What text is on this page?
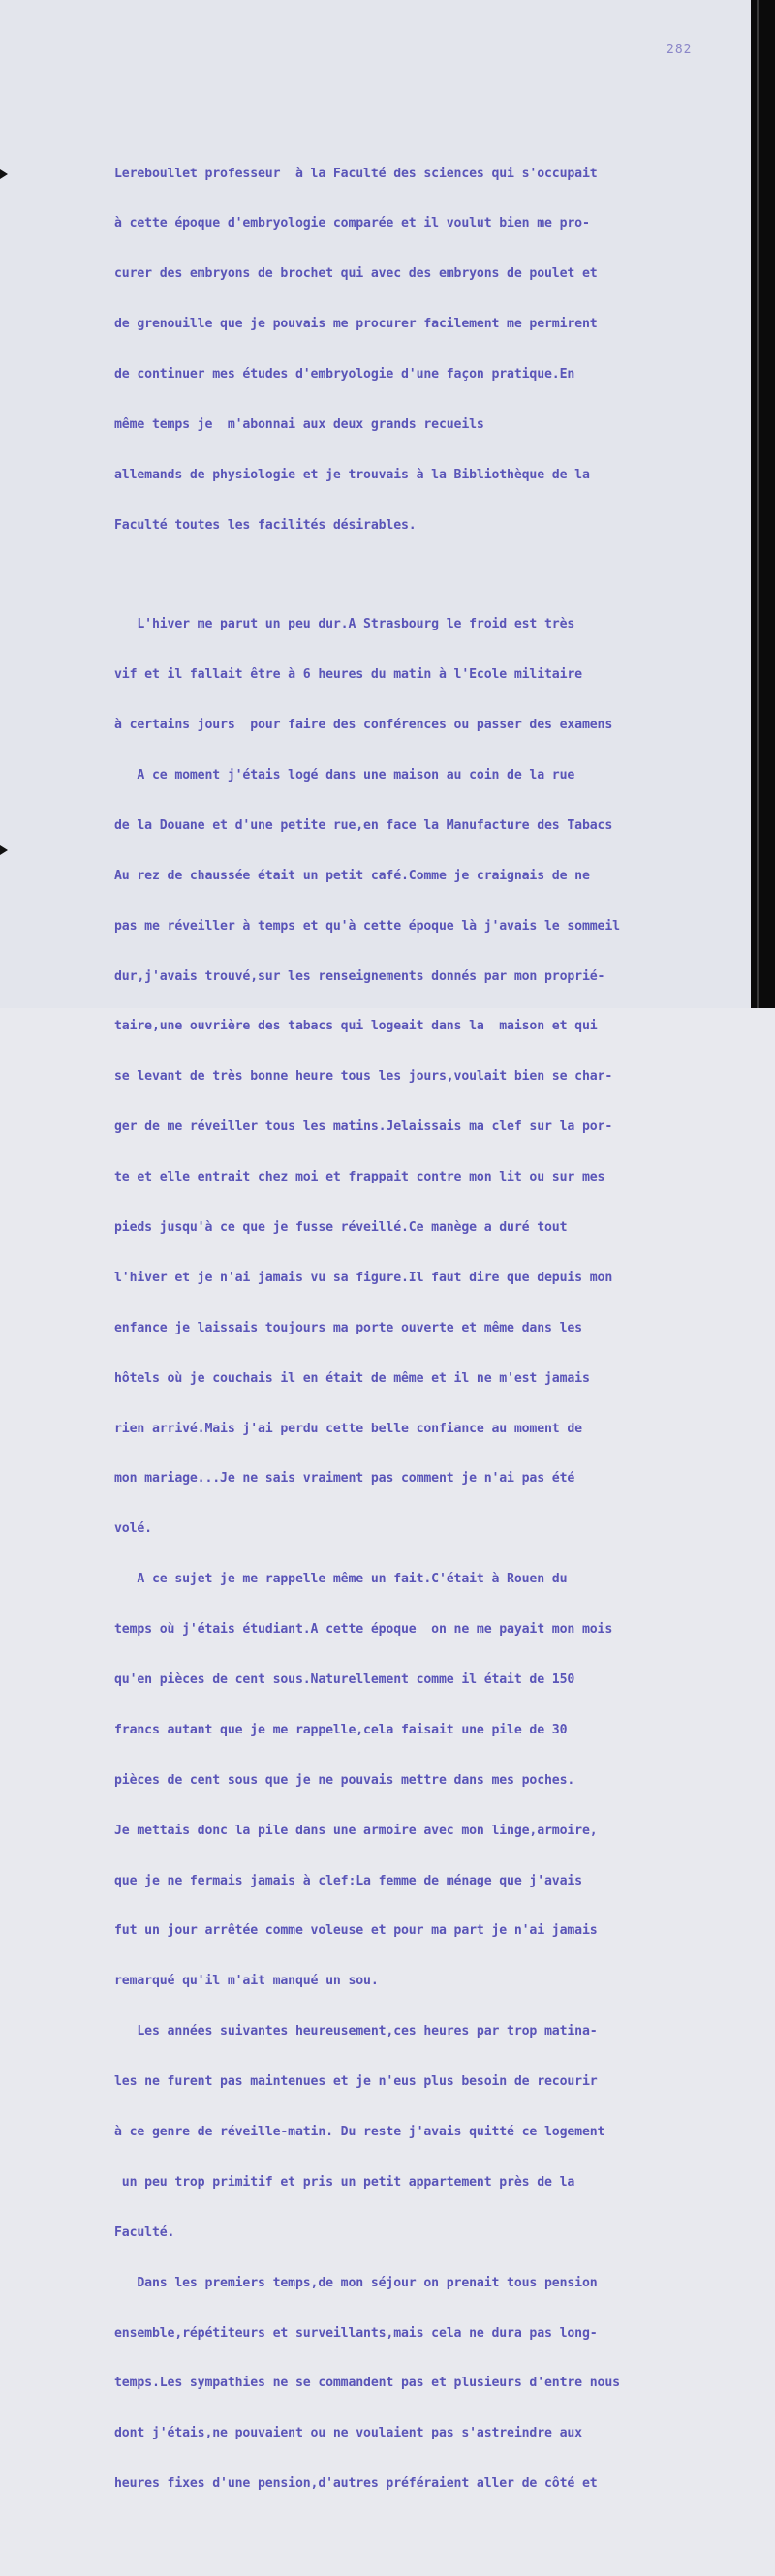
282

Lereboullet professeur  à la Faculté des sciences qui s'occupait

à cette époque d'embryologie comparée et il voulut bien me pro-

curer des embryons de brochet qui avec des embryons de poulet et

de grenouille que je pouvais me procurer facilement me permirent

de continuer mes études d'embryologie d'une façon pratique.En

même temps je  m'abonnai aux deux grands recueils

allemands de physiologie et je trouvais à la Bibliothèque de la

Faculté toutes les facilités désirables.

L'hiver me parut un peu dur.A Strasbourg le froid est très

vif et il fallait être à 6 heures du matin à l'Ecole militaire

à certains jours  pour faire des conférences ou passer des examens

A ce moment j'étais logé dans une maison au coin de la rue

de la Douane et d'une petite rue,en face la Manufacture des Tabacs

Au rez de chaussée était un petit café.Comme je craignais de ne

pas me réveiller à temps et qu'à cette époque là j'avais le sommeil

dur,j'avais trouvé,sur les renseignements donnés par mon proprié-

taire,une ouvrière des tabacs qui logeait dans la  maison et qui

se levant de très bonne heure tous les jours,voulait bien se char-

ger de me réveiller tous les matins.Jelaissais ma clef sur la por-

te et elle entrait chez moi et frappait contre mon lit ou sur mes

pieds jusqu'à ce que je fusse réveillé.Ce manège a duré tout

l'hiver et je n'ai jamais vu sa figure.Il faut dire que depuis mon

enfance je laissais toujours ma porte ouverte et même dans les

hôtels où je couchais il en était de même et il ne m'est jamais

rien arrivé.Mais j'ai perdu cette belle confiance au moment de

mon mariage...Je ne sais vraiment pas comment je n'ai pas été

volé.

A ce sujet je me rappelle même un fait.C'était à Rouen du

temps où j'étais étudiant.A cette époque  on ne me payait mon mois

qu'en pièces de cent sous.Naturellement comme il était de 150

francs autant que je me rappelle,cela faisait une pile de 30

pièces de cent sous que je ne pouvais mettre dans mes poches.

Je mettais donc la pile dans une armoire avec mon linge,armoire,

que je ne fermais jamais à clef:La femme de ménage que j'avais

fut un jour arrêtée comme voleuse et pour ma part je n'ai jamais

remarqué qu'il m'ait manqué un sou.

Les années suivantes heureusement,ces heures par trop matina-

les ne furent pas maintenues et je n'eus plus besoin de recourir

à ce genre de réveille-matin. Du reste j'avais quitté ce logement

un peu trop primitif et pris un petit appartement près de la

Faculté.

Dans les premiers temps,de mon séjour on prenait tous pension

ensemble,répétiteurs et surveillants,mais cela ne dura pas long-

temps.Les sympathies ne se commandent pas et plusieurs d'entre nous

dont j'étais,ne pouvaient ou ne voulaient pas s'astreindre aux

heures fixes d'une pension,d'autres préféraient aller de côté et
